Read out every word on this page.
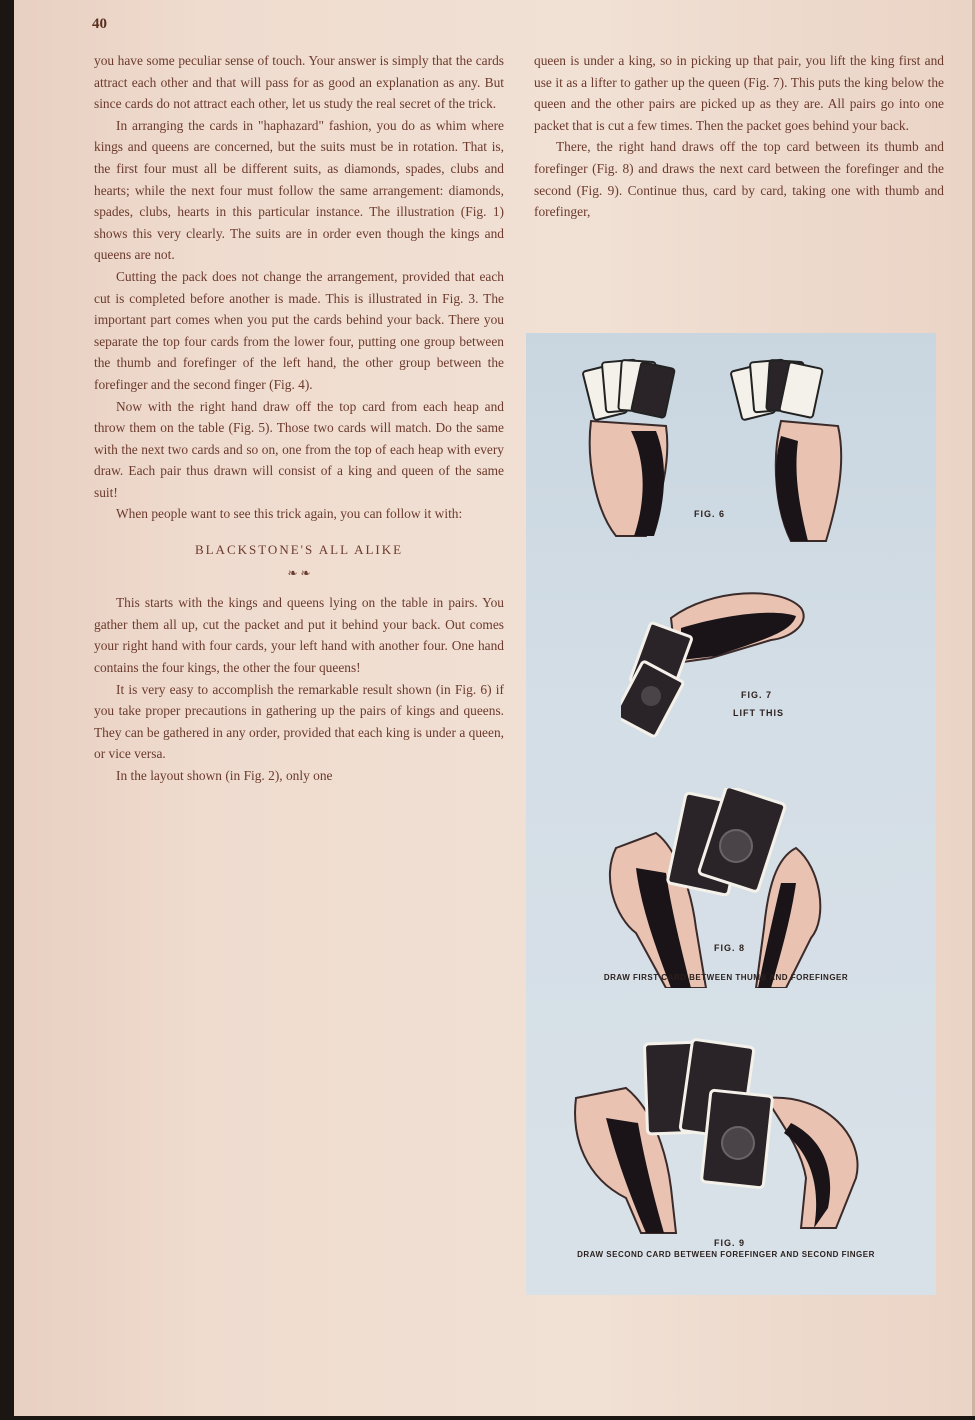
40

you have some peculiar sense of touch. Your answer is simply that the cards attract each other and that will pass for as good an explanation as any. But since cards do not attract each other, let us study the real secret of the trick.

In arranging the cards in "haphazard" fashion, you do as whim where kings and queens are concerned, but the suits must be in rotation. That is, the first four must all be different suits, as diamonds, spades, clubs and hearts; while the next four must follow the same arrangement: diamonds, spades, clubs, hearts in this particular instance. The illustration (Fig. 1) shows this very clearly. The suits are in order even though the kings and queens are not.

Cutting the pack does not change the arrangement, provided that each cut is completed before another is made. This is illustrated in Fig. 3. The important part comes when you put the cards behind your back. There you separate the top four cards from the lower four, putting one group between the thumb and forefinger of the left hand, the other group between the forefinger and the second finger (Fig. 4).

Now with the right hand draw off the top card from each heap and throw them on the table (Fig. 5). Those two cards will match. Do the same with the next two cards and so on, one from the top of each heap with every draw. Each pair thus drawn will consist of a king and queen of the same suit!

When people want to see this trick again, you can follow it with:

BLACKSTONE'S ALL ALIKE
❧ ❧

This starts with the kings and queens lying on the table in pairs. You gather them all up, cut the packet and put it behind your back. Out comes your right hand with four cards, your left hand with another four. One hand contains the four kings, the other the four queens!

It is very easy to accomplish the remarkable result shown (in Fig. 6) if you take proper precautions in gathering up the pairs of kings and queens. They can be gathered in any order, provided that each king is under a queen, or vice versa.

In the layout shown (in Fig. 2), only one

queen is under a king, so in picking up that pair, you lift the king first and use it as a lifter to gather up the queen (Fig. 7). This puts the king below the queen and the other pairs are picked up as they are. All pairs go into one packet that is cut a few times. Then the packet goes behind your back.

There, the right hand draws off the top card between its thumb and forefinger (Fig. 8) and draws the next card between the forefinger and the second (Fig. 9). Continue thus, card by card, taking one with thumb and forefinger,

FIG. 6
FIG. 7
LIFT THIS
FIG. 8
DRAW FIRST CARD BETWEEN THUMB AND FOREFINGER
FIG. 9
DRAW SECOND CARD BETWEEN FOREFINGER AND SECOND FINGER
